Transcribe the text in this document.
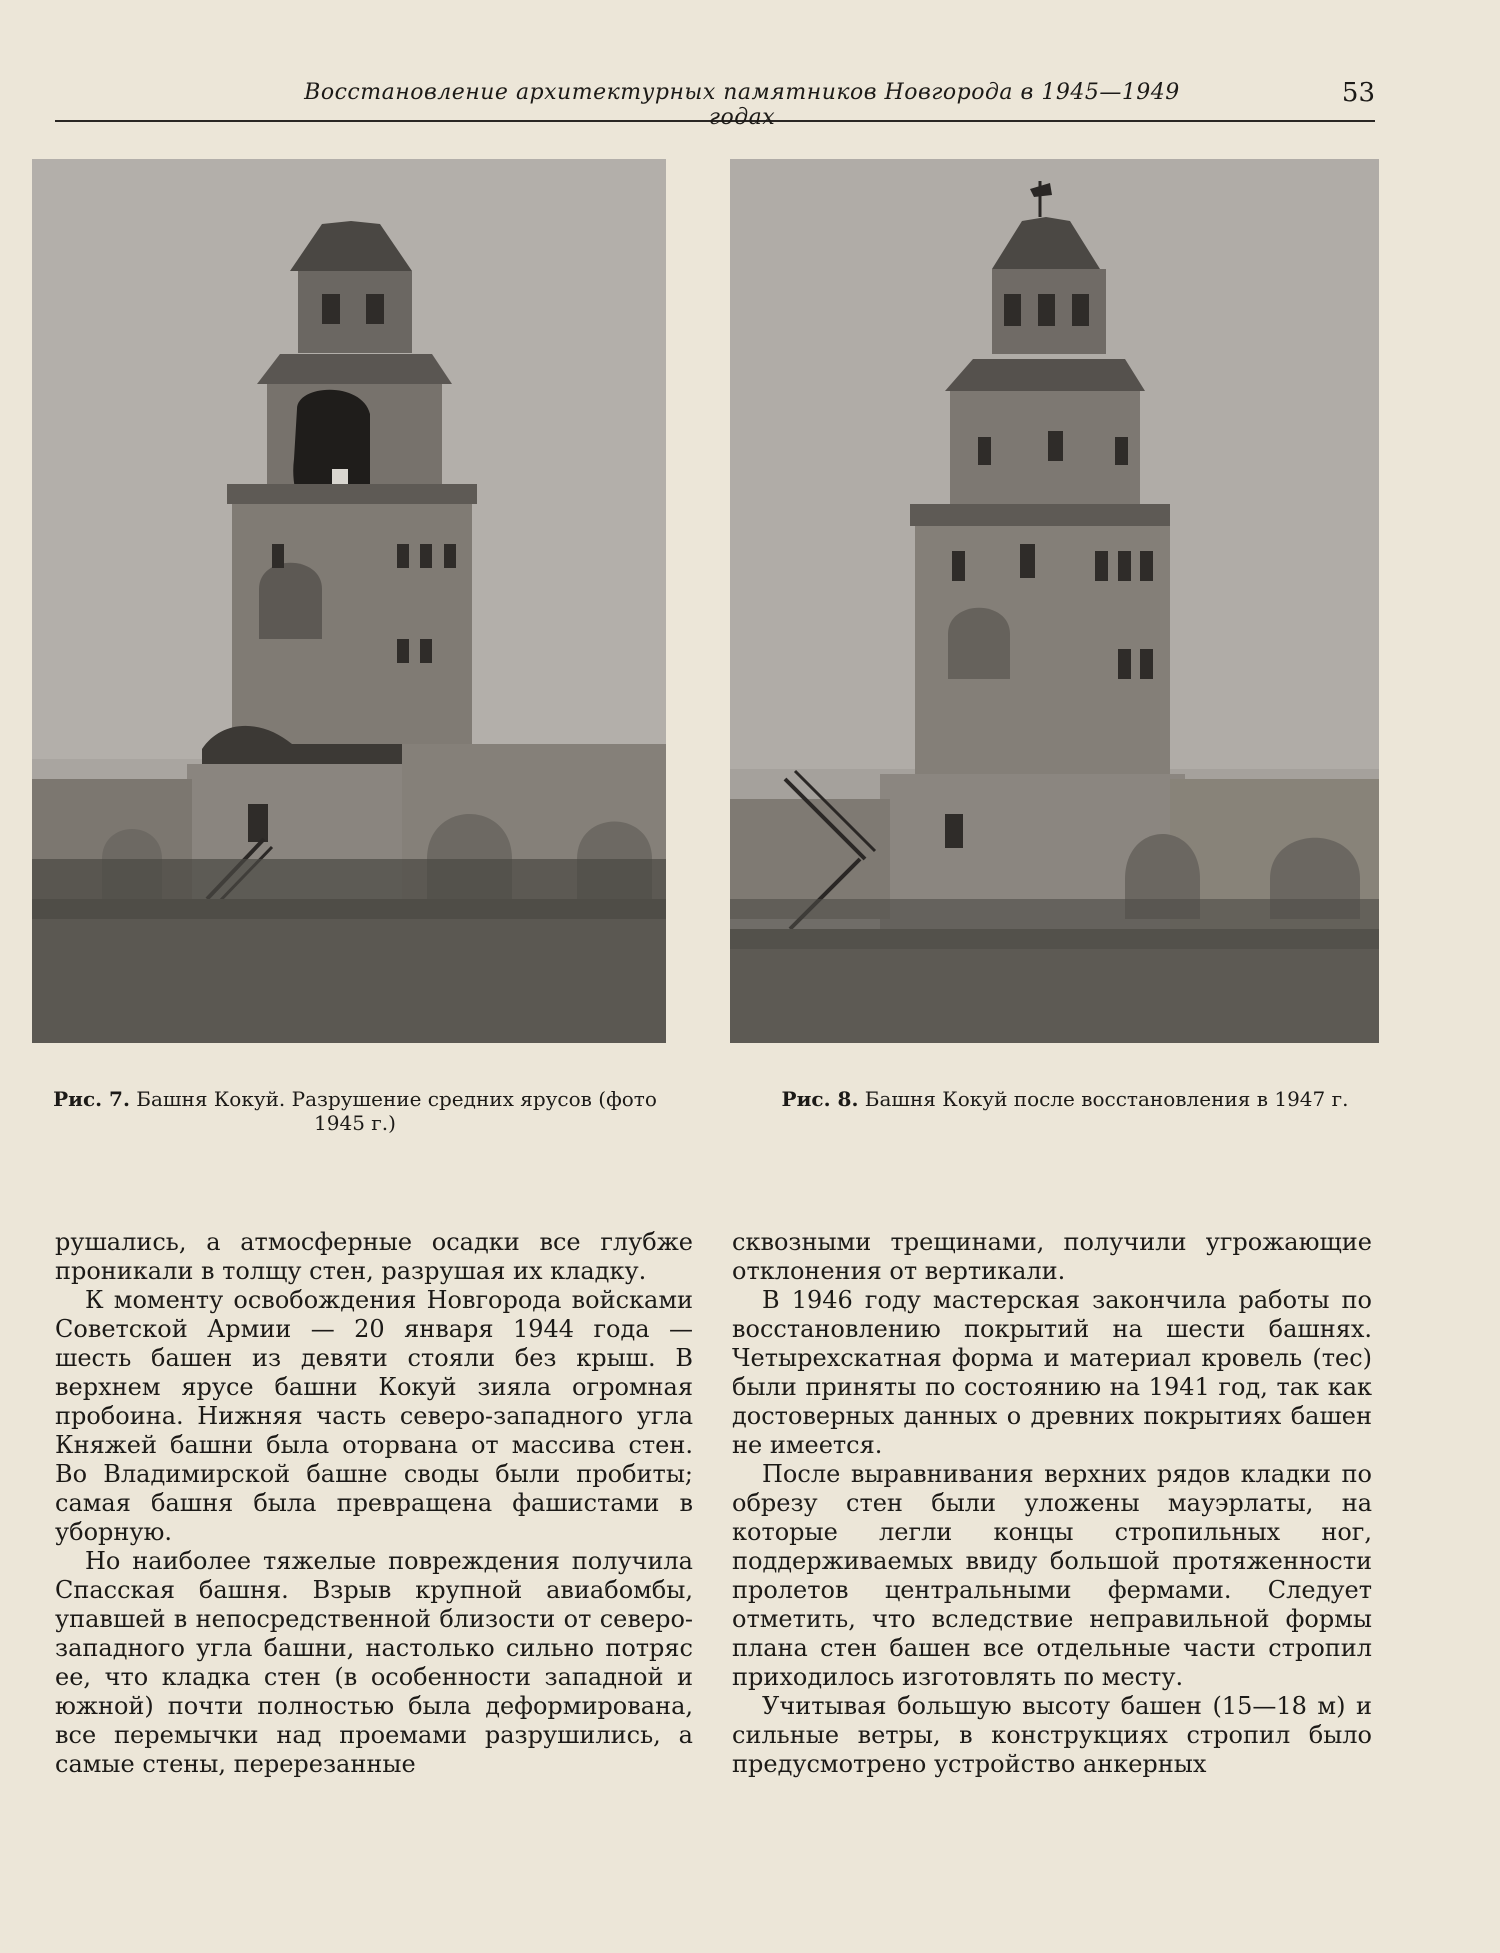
Восстановление архитектурных памятников Новгорода в 1945—1949 годах
53
Рис. 7. Башня Кокуй. Разрушение средних ярусов (фото 1945 г.)
Рис. 8. Башня Кокуй после восстановления в 1947 г.

рушались, а атмосферные осадки все глубже проникали в толщу стен, разрушая их кладку.

К моменту освобождения Новгорода войсками Советской Армии — 20 января 1944 года — шесть башен из девяти стояли без крыш. В верхнем ярусе башни Кокуй зияла огромная пробоина. Нижняя часть северо-западного угла Княжей башни была оторвана от массива стен. Во Владимирской башне своды были пробиты; самая башня была превращена фашистами в уборную.

Но наиболее тяжелые повреждения получила Спасская башня. Взрыв крупной авиабомбы, упавшей в непосредственной близости от северо-западного угла башни, настолько сильно потряс ее, что кладка стен (в особенности западной и южной) почти полностью была деформирована, все перемычки над проемами разрушились, а самые стены, перерезанные

сквозными трещинами, получили угрожающие отклонения от вертикали.

В 1946 году мастерская закончила работы по восстановлению покрытий на шести башнях. Четырехскатная форма и материал кровель (тес) были приняты по состоянию на 1941 год, так как достоверных данных о древних покрытиях башен не имеется.

После выравнивания верхних рядов кладки по обрезу стен были уложены мауэрлаты, на которые легли концы стропильных ног, поддерживаемых ввиду большой протяженности пролетов центральными фермами. Следует отметить, что вследствие неправильной формы плана стен башен все отдельные части стропил приходилось изготовлять по месту.

Учитывая большую высоту башен (15—18 м) и сильные ветры, в конструкциях стропил было предусмотрено устройство анкерных
